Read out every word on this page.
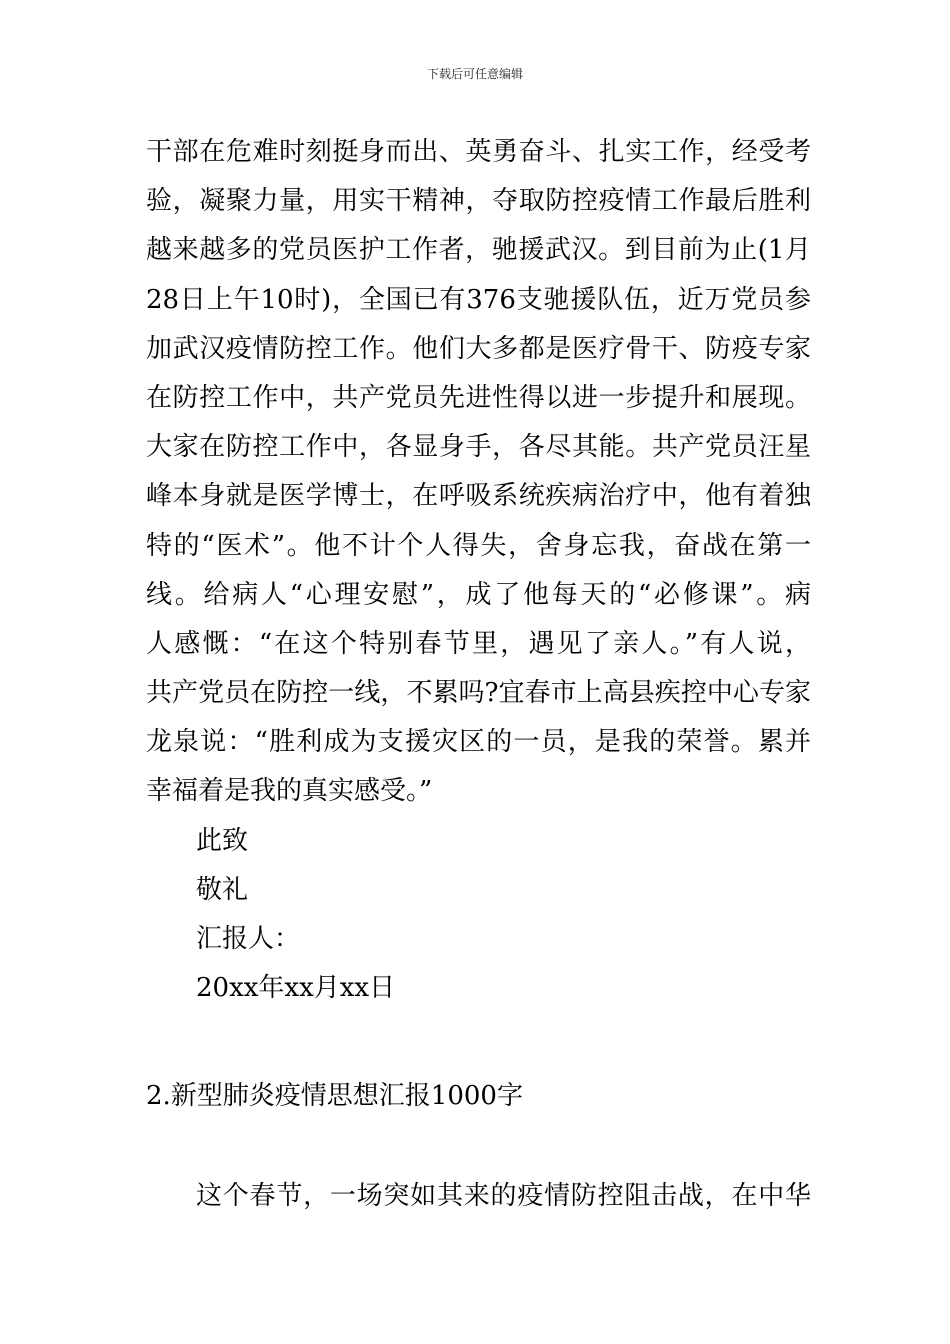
下载后可任意编辑
干部在危难时刻挺身而出、英勇奋斗、扎实工作，经受考
验，凝聚力量，用实干精神，夺取防控疫情工作最后胜利
越来越多的党员医护工作者，驰援武汉。到目前为止(1月
28日上午10时)，全国已有376支驰援队伍，近万党员参
加武汉疫情防控工作。他们大多都是医疗骨干、防疫专家
在防控工作中，共产党员先进性得以进一步提升和展现。
大家在防控工作中，各显身手，各尽其能。共产党员汪星
峰本身就是医学博士，在呼吸系统疾病治疗中，他有着独
特的“医术”。他不计个人得失，舍身忘我，奋战在第一
线。给病人“心理安慰”，成了他每天的“必修课”。病
人感慨：“在这个特别春节里，遇见了亲人。”有人说，
共产党员在防控一线，不累吗?宜春市上高县疾控中心专家
龙泉说：“胜利成为支援灾区的一员，是我的荣誉。累并
幸福着是我的真实感受。”
此致
敬礼
汇报人：
20xx年xx月xx日
2.新型肺炎疫情思想汇报1000字
这个春节，一场突如其来的疫情防控阻击战，在中华
